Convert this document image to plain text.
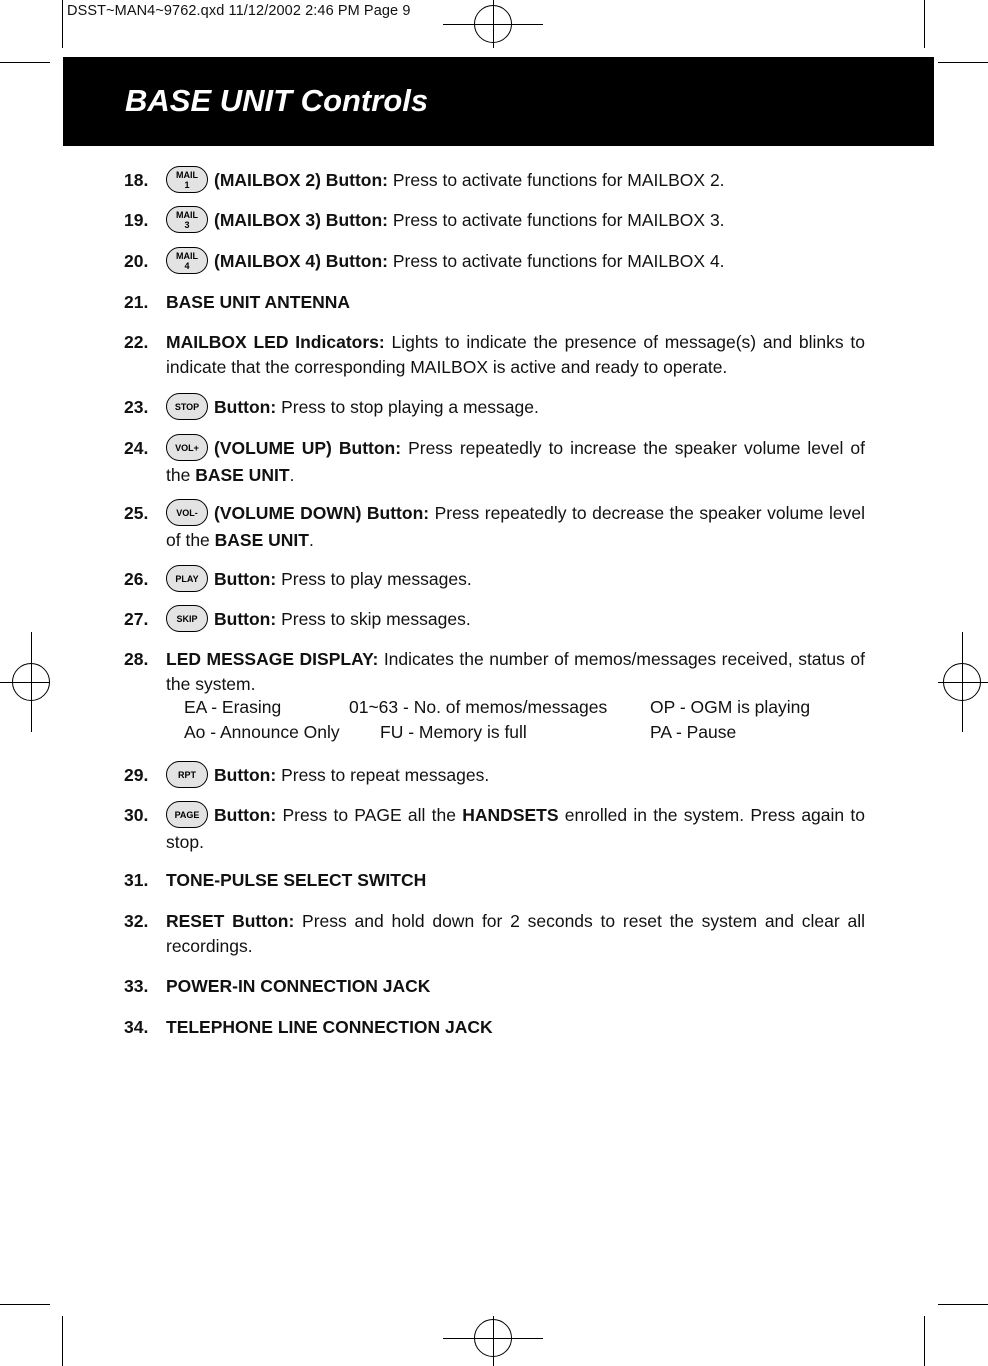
DSST~MAN4~9762.qxd 11/12/2002 2:46 PM Page 9
BASE UNIT Controls
18.	MAIL
1 (MAILBOX 2) Button: Press to activate functions for MAILBOX 2.
19.	MAIL
3 (MAILBOX 3) Button: Press to activate functions for MAILBOX 3.
20.	MAIL
4 (MAILBOX 4) Button: Press to activate functions for MAILBOX 4.
21. BASE UNIT ANTENNA
22. MAILBOX LED Indicators: Lights to indicate the presence of message(s) and blinks to indicate that the corresponding MAILBOX is active and ready to operate.
23.	STOP Button: Press to stop playing a message.
24.	VOL+ (VOLUME UP) Button: Press repeatedly to increase the speaker volume level of the BASE UNIT.
25.	VOL- (VOLUME DOWN) Button: Press repeatedly to decrease the speaker volume level of the BASE UNIT.
26.	PLAY Button: Press to play messages.
27.	SKIP Button: Press to skip messages.
28. LED MESSAGE DISPLAY: Indicates the number of memos/messages received, status of the system.
EA - Erasing	01~63 - No. of memos/messages OP - OGM is playing
Ao - Announce Only FU - Memory is full	PA - Pause
29.	RPT Button: Press to repeat messages.
30.	PAGE Button: Press to PAGE all the HANDSETS enrolled in the system. Press again to stop.
31. TONE-PULSE SELECT SWITCH
32. RESET Button: Press and hold down for 2 seconds to reset the system and clear all recordings.
33. POWER-IN CONNECTION JACK
34. TELEPHONE LINE CONNECTION JACK
